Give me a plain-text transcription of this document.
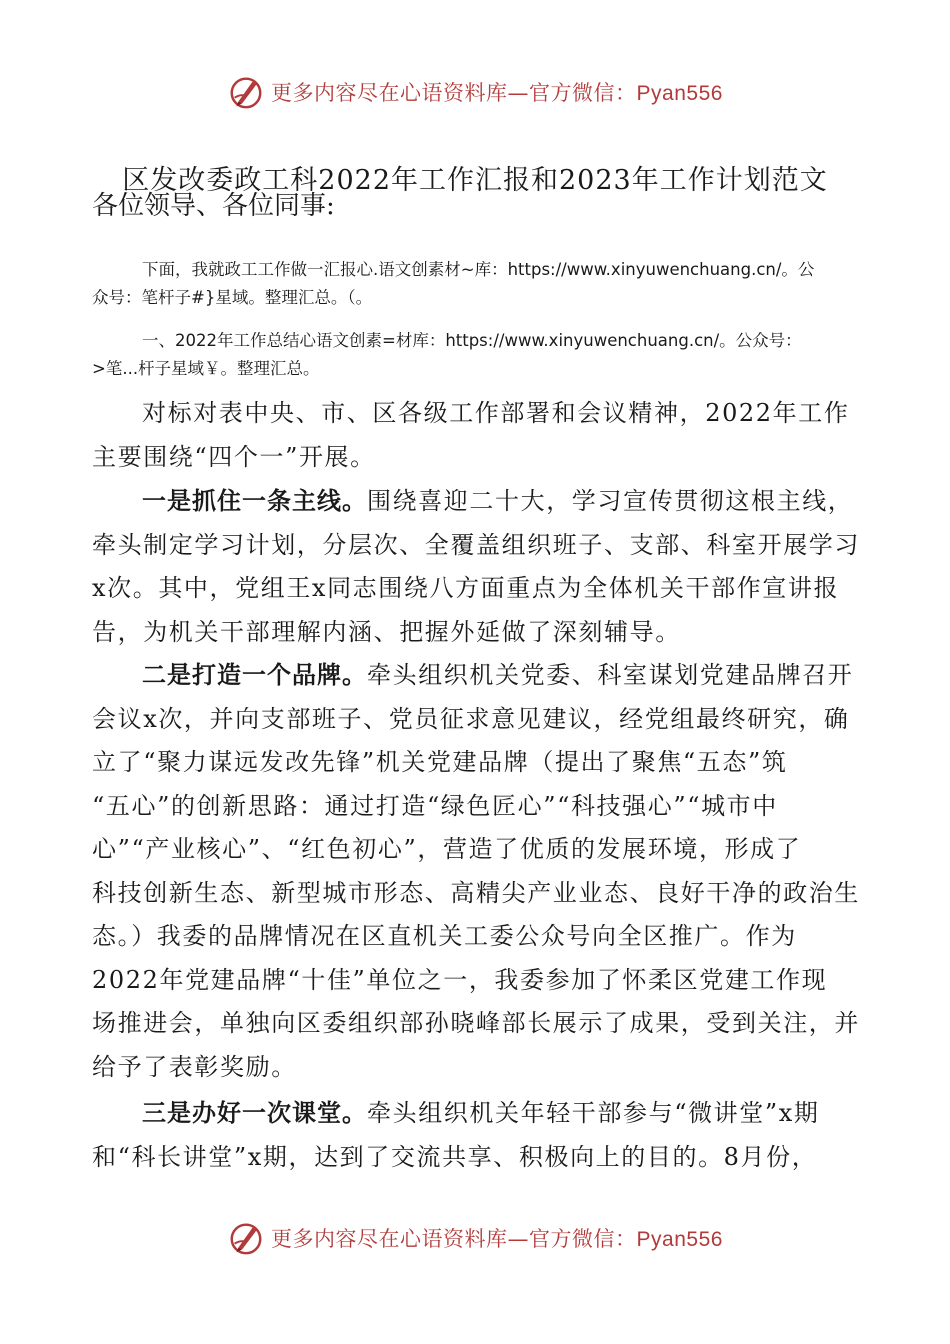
更多内容尽在心语资料库—官方微信：Pyan556
区发改委政工科2022年工作汇报和2023年工作计划范文
各位领导、各位同事:
下面，我就政工工作做一汇报心.语文创素材~库：https://www.xinyuwenchuang.cn/。公
众号：笔杆子#}星域。整理汇总。（。
一、2022年工作总结心语文创素=材库：https://www.xinyuwenchuang.cn/。公众号：
>笔...杆子星域￥。整理汇总。
对标对表中央、市、区各级工作部署和会议精神，2022年工作
主要围绕“四个一”开展。
一是抓住一条主线。围绕喜迎二十大，学习宣传贯彻这根主线，
牵头制定学习计划，分层次、全覆盖组织班子、支部、科室开展学习
x次。其中，党组王x同志围绕八方面重点为全体机关干部作宣讲报
告，为机关干部理解内涵、把握外延做了深刻辅导。
二是打造一个品牌。牵头组织机关党委、科室谋划党建品牌召开
会议x次，并向支部班子、党员征求意见建议，经党组最终研究，确
立了“聚力谋远发改先锋”机关党建品牌（提出了聚焦“五态”筑
“五心”的创新思路：通过打造“绿色匠心”“科技强心”“城市中
心”“产业核心”、“红色初心”，营造了优质的发展环境，形成了
科技创新生态、新型城市形态、高精尖产业业态、良好干净的政治生
态。）我委的品牌情况在区直机关工委公众号向全区推广。作为
2022年党建品牌“十佳”单位之一，我委参加了怀柔区党建工作现
场推进会，单独向区委组织部孙晓峰部长展示了成果，受到关注，并
给予了表彰奖励。
三是办好一次课堂。牵头组织机关年轻干部参与“微讲堂”x期
和“科长讲堂”x期，达到了交流共享、积极向上的目的。8月份，
更多内容尽在心语资料库—官方微信：Pyan556
